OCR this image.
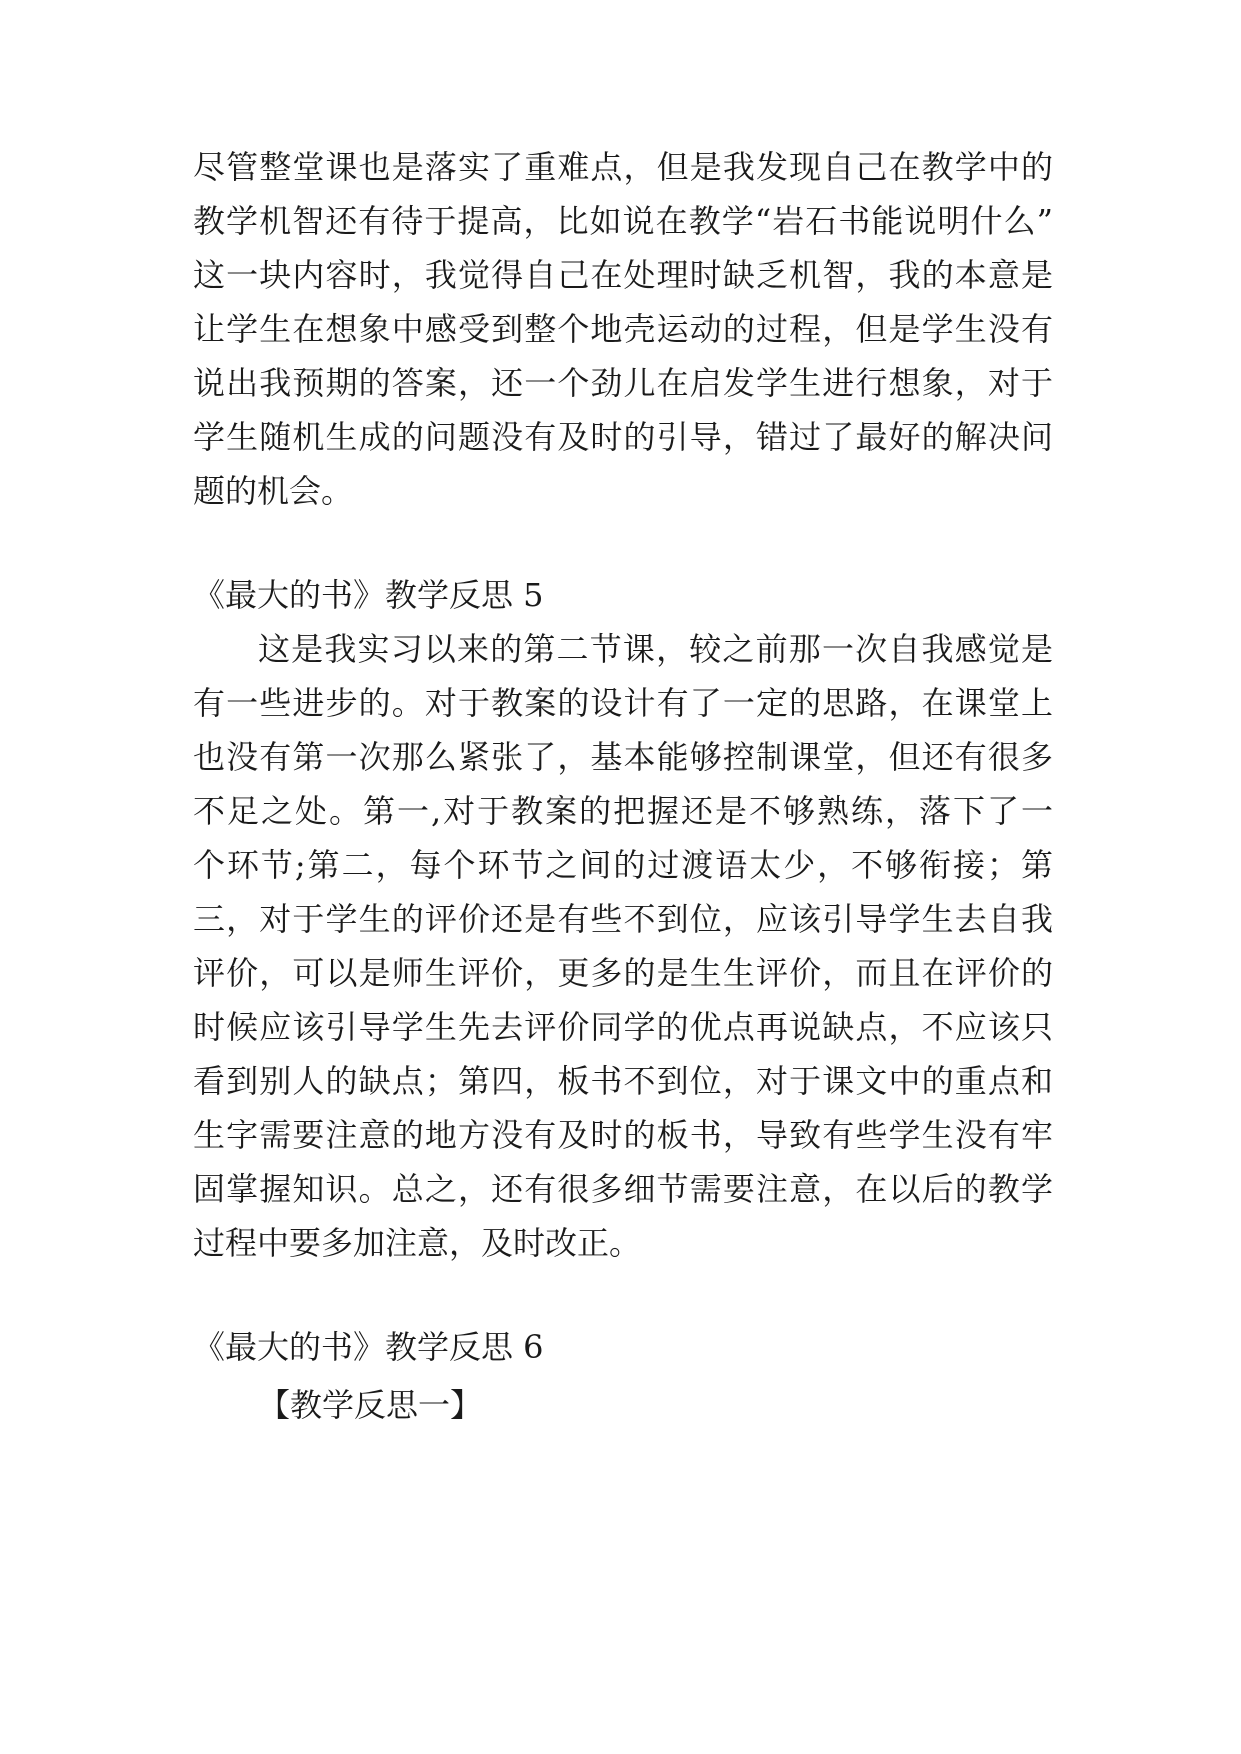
尽管整堂课也是落实了重难点，但是我发现自己在教学中的
教学机智还有待于提高，比如说在教学“岩石书能说明什么”
这一块内容时，我觉得自己在处理时缺乏机智，我的本意是
让学生在想象中感受到整个地壳运动的过程，但是学生没有
说出我预期的答案，还一个劲儿在启发学生进行想象，对于
学生随机生成的问题没有及时的引导，错过了最好的解决问
题的机会。
《最大的书》教学反思 5
这是我实习以来的第二节课，较之前那一次自我感觉是
有一些进步的。对于教案的设计有了一定的思路，在课堂上
也没有第一次那么紧张了，基本能够控制课堂，但还有很多
不足之处。第一,对于教案的把握还是不够熟练，落下了一
个环节;第二，每个环节之间的过渡语太少，不够衔接；第
三，对于学生的评价还是有些不到位，应该引导学生去自我
评价，可以是师生评价，更多的是生生评价，而且在评价的
时候应该引导学生先去评价同学的优点再说缺点，不应该只
看到别人的缺点；第四，板书不到位，对于课文中的重点和
生字需要注意的地方没有及时的板书，导致有些学生没有牢
固掌握知识。总之，还有很多细节需要注意，在以后的教学
过程中要多加注意，及时改正。
《最大的书》教学反思 6
【教学反思一】
